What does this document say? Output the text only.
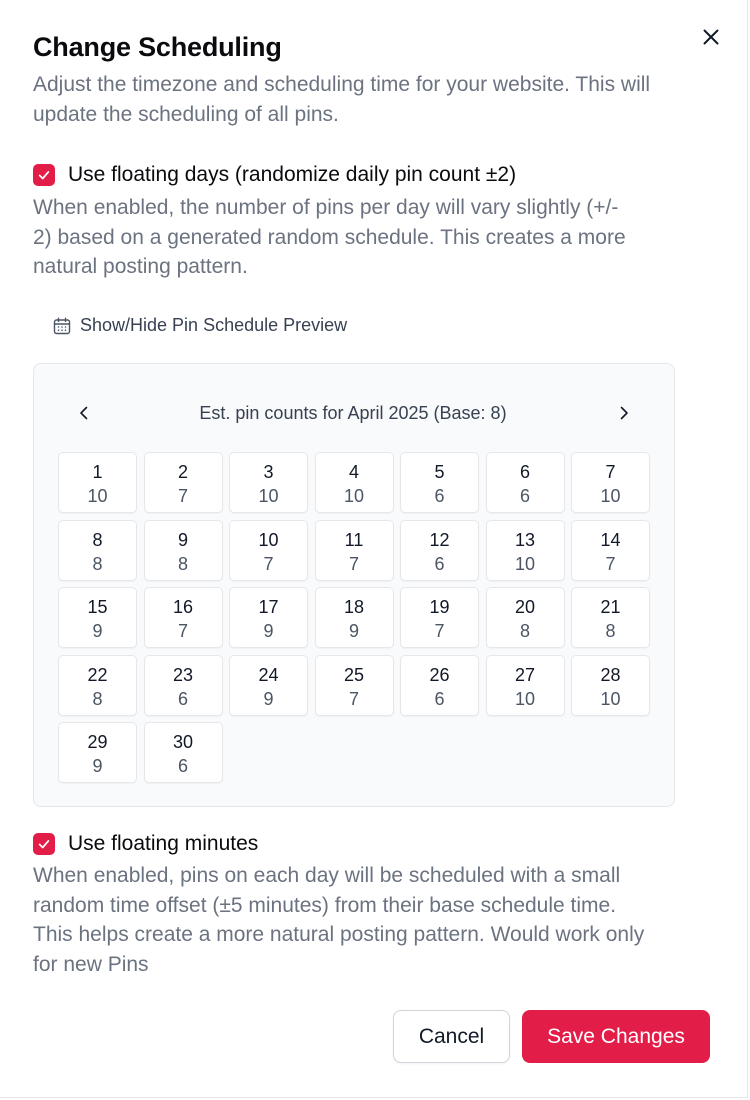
Change Scheduling
Adjust the timezone and scheduling time for your website. This will update the scheduling of all pins.
Use floating days (randomize daily pin count ±2)
When enabled, the number of pins per day will vary slightly (+/-
2) based on a generated random schedule. This creates a more
natural posting pattern.
Show/Hide Pin Schedule Preview
Est. pin counts for April 2025 (Base: 8)
1
10
2
7
3
10
4
10
5
6
6
6
7
10
8
8
9
8
10
7
11
7
12
6
13
10
14
7
15
9
16
7
17
9
18
9
19
7
20
8
21
8
22
8
23
6
24
9
25
7
26
6
27
10
28
10
29
9
30
6
Use floating minutes
When enabled, pins on each day will be scheduled with a small
random time offset (±5 minutes) from their base schedule time.
This helps create a more natural posting pattern. Would work only
for new Pins
Cancel	Save Changes
